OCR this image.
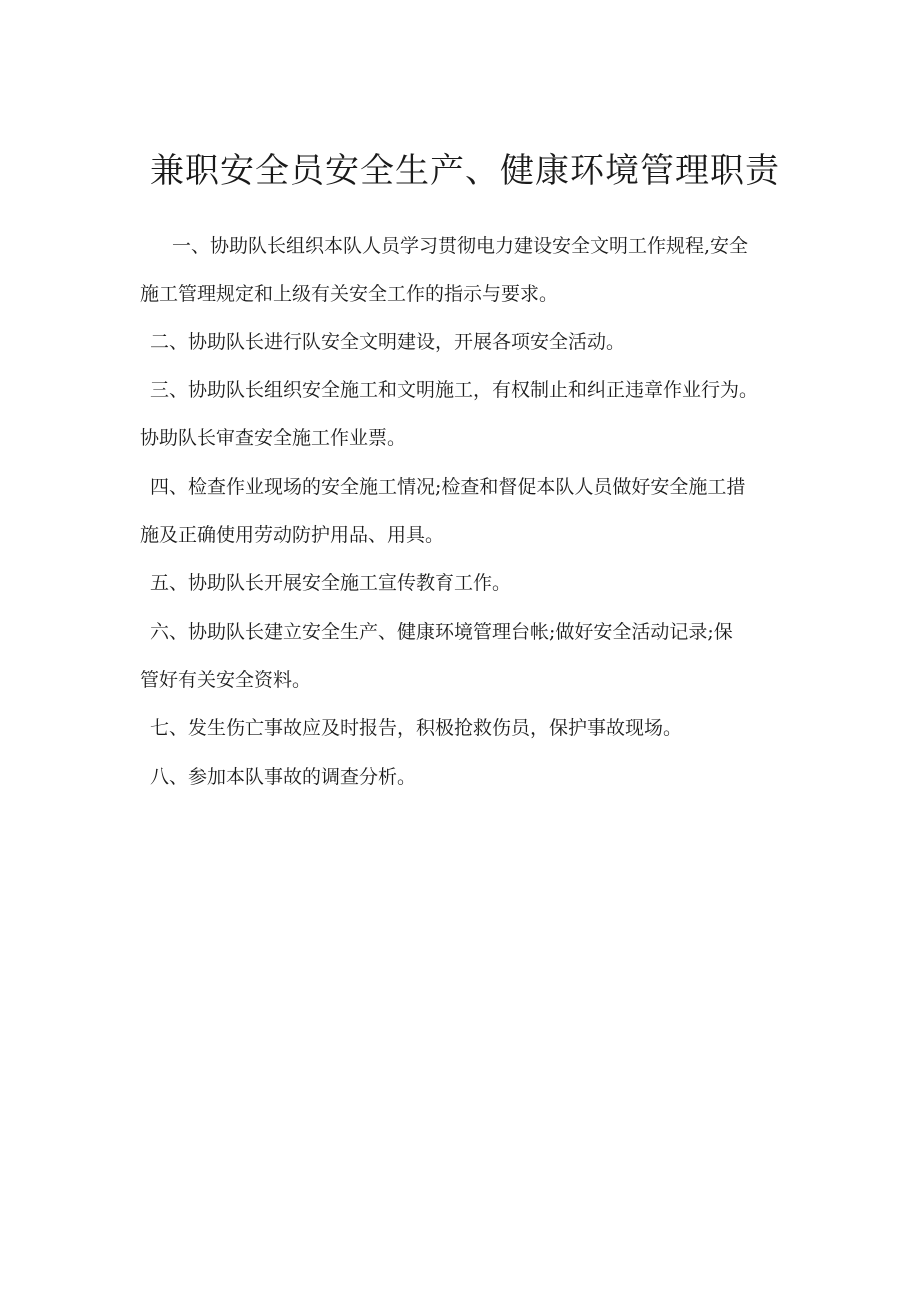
兼职安全员安全生产、健康环境管理职责

一、协助队长组织本队人员学习贯彻电力建设安全文明工作规程,安全
施工管理规定和上级有关安全工作的指示与要求。

二、协助队长进行队安全文明建设，开展各项安全活动。

三、协助队长组织安全施工和文明施工，有权制止和纠正违章作业行为。
协助队长审查安全施工作业票。

四、检查作业现场的安全施工情况;检查和督促本队人员做好安全施工措
施及正确使用劳动防护用品、用具。

五、协助队长开展安全施工宣传教育工作。

六、协助队长建立安全生产、健康环境管理台帐;做好安全活动记录;保
管好有关安全资料。

七、发生伤亡事故应及时报告，积极抢救伤员，保护事故现场。

八、参加本队事故的调查分析。
